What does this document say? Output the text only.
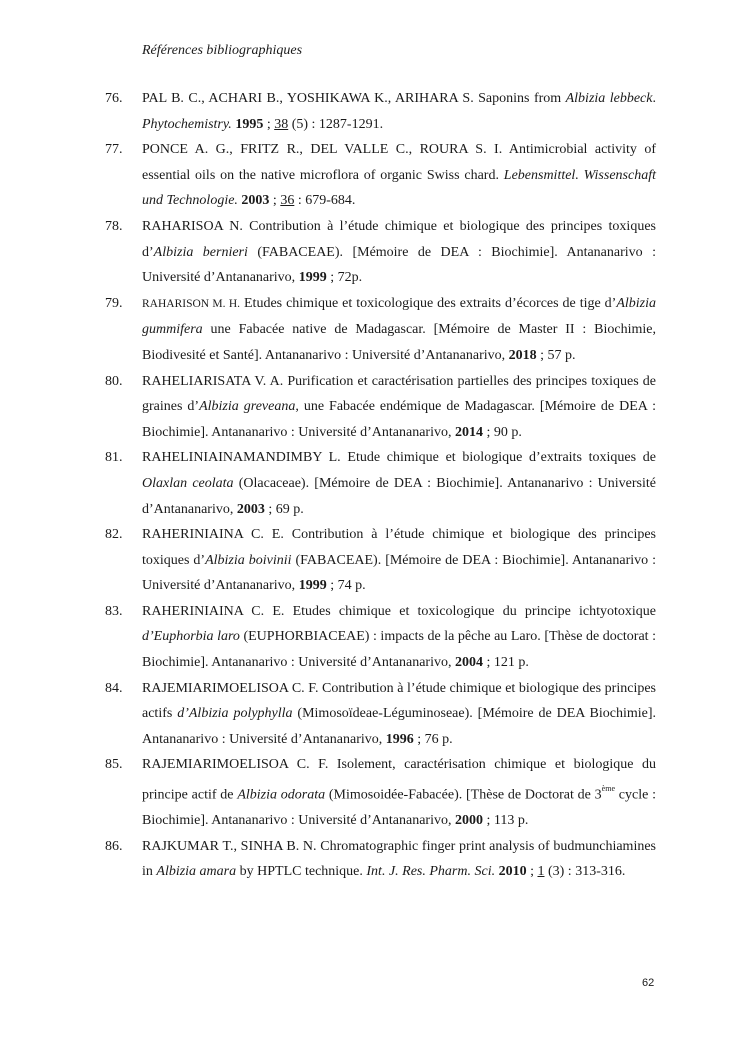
Références bibliographiques
76. PAL B. C., ACHARI B., YOSHIKAWA K., ARIHARA S. Saponins from Albizia lebbeck. Phytochemistry. 1995 ; 38 (5) : 1287-1291.
77. PONCE A. G., FRITZ R., DEL VALLE C., ROURA S. I. Antimicrobial activity of essential oils on the native microflora of organic Swiss chard. Lebensmittel. Wissenschaft und Technologie. 2003 ; 36 : 679-684.
78. RAHARISOA N. Contribution à l’étude chimique et biologique des principes toxiques d’Albizia bernieri (FABACEAE). [Mémoire de DEA : Biochimie]. Antananarivo : Université d’Antananarivo, 1999 ; 72p.
79. RAHARISON M. H. Etudes chimique et toxicologique des extraits d’écorces de tige d’Albizia gummifera une Fabacée native de Madagascar. [Mémoire de Master II : Biochimie, Biodivesité et Santé]. Antananarivo : Université d’Antananarivo, 2018 ; 57 p.
80. RAHELIARISATA V. A. Purification et caractérisation partielles des principes toxiques de graines d’Albizia greveana, une Fabacée endémique de Madagascar. [Mémoire de DEA : Biochimie]. Antananarivo : Université d’Antananarivo, 2014 ; 90 p.
81. RAHELINIAINAMANDIMBY L. Etude chimique et biologique d’extraits toxiques de Olaxlan ceolata (Olacaceae). [Mémoire de DEA : Biochimie]. Antananarivo : Université d’Antananarivo, 2003 ; 69 p.
82. RAHERINIAINA C. E. Contribution à l’étude chimique et biologique des principes toxiques d’Albizia boivinii (FABACEAE). [Mémoire de DEA : Biochimie]. Antananarivo : Université d’Antananarivo, 1999 ; 74 p.
83. RAHERINIAINA C. E. Etudes chimique et toxicologique du principe ichtyotoxique d’Euphorbia laro (EUPHORBIACEAE) : impacts de la pêche au Laro. [Thèse de doctorat : Biochimie]. Antananarivo : Université d’Antananarivo, 2004 ; 121 p.
84. RAJEMIARIMOELISOA C. F. Contribution à l’étude chimique et biologique des principes actifs d’Albizia polyphylla (Mimosoïdeae-Léguminoseae). [Mémoire de DEA Biochimie]. Antananarivo : Université d’Antananarivo, 1996 ; 76 p.
85. RAJEMIARIMOELISOA C. F. Isolement, caractérisation chimique et biologique du principe actif de Albizia odorata (Mimosoidée-Fabacée). [Thèse de Doctorat de 3ème cycle : Biochimie]. Antananarivo : Université d’Antananarivo, 2000 ; 113 p.
86. RAJKUMAR T., SINHA B. N. Chromatographic finger print analysis of budmunchiamines in Albizia amara by HPTLC technique. Int. J. Res. Pharm. Sci. 2010 ; 1 (3) : 313-316.
62
